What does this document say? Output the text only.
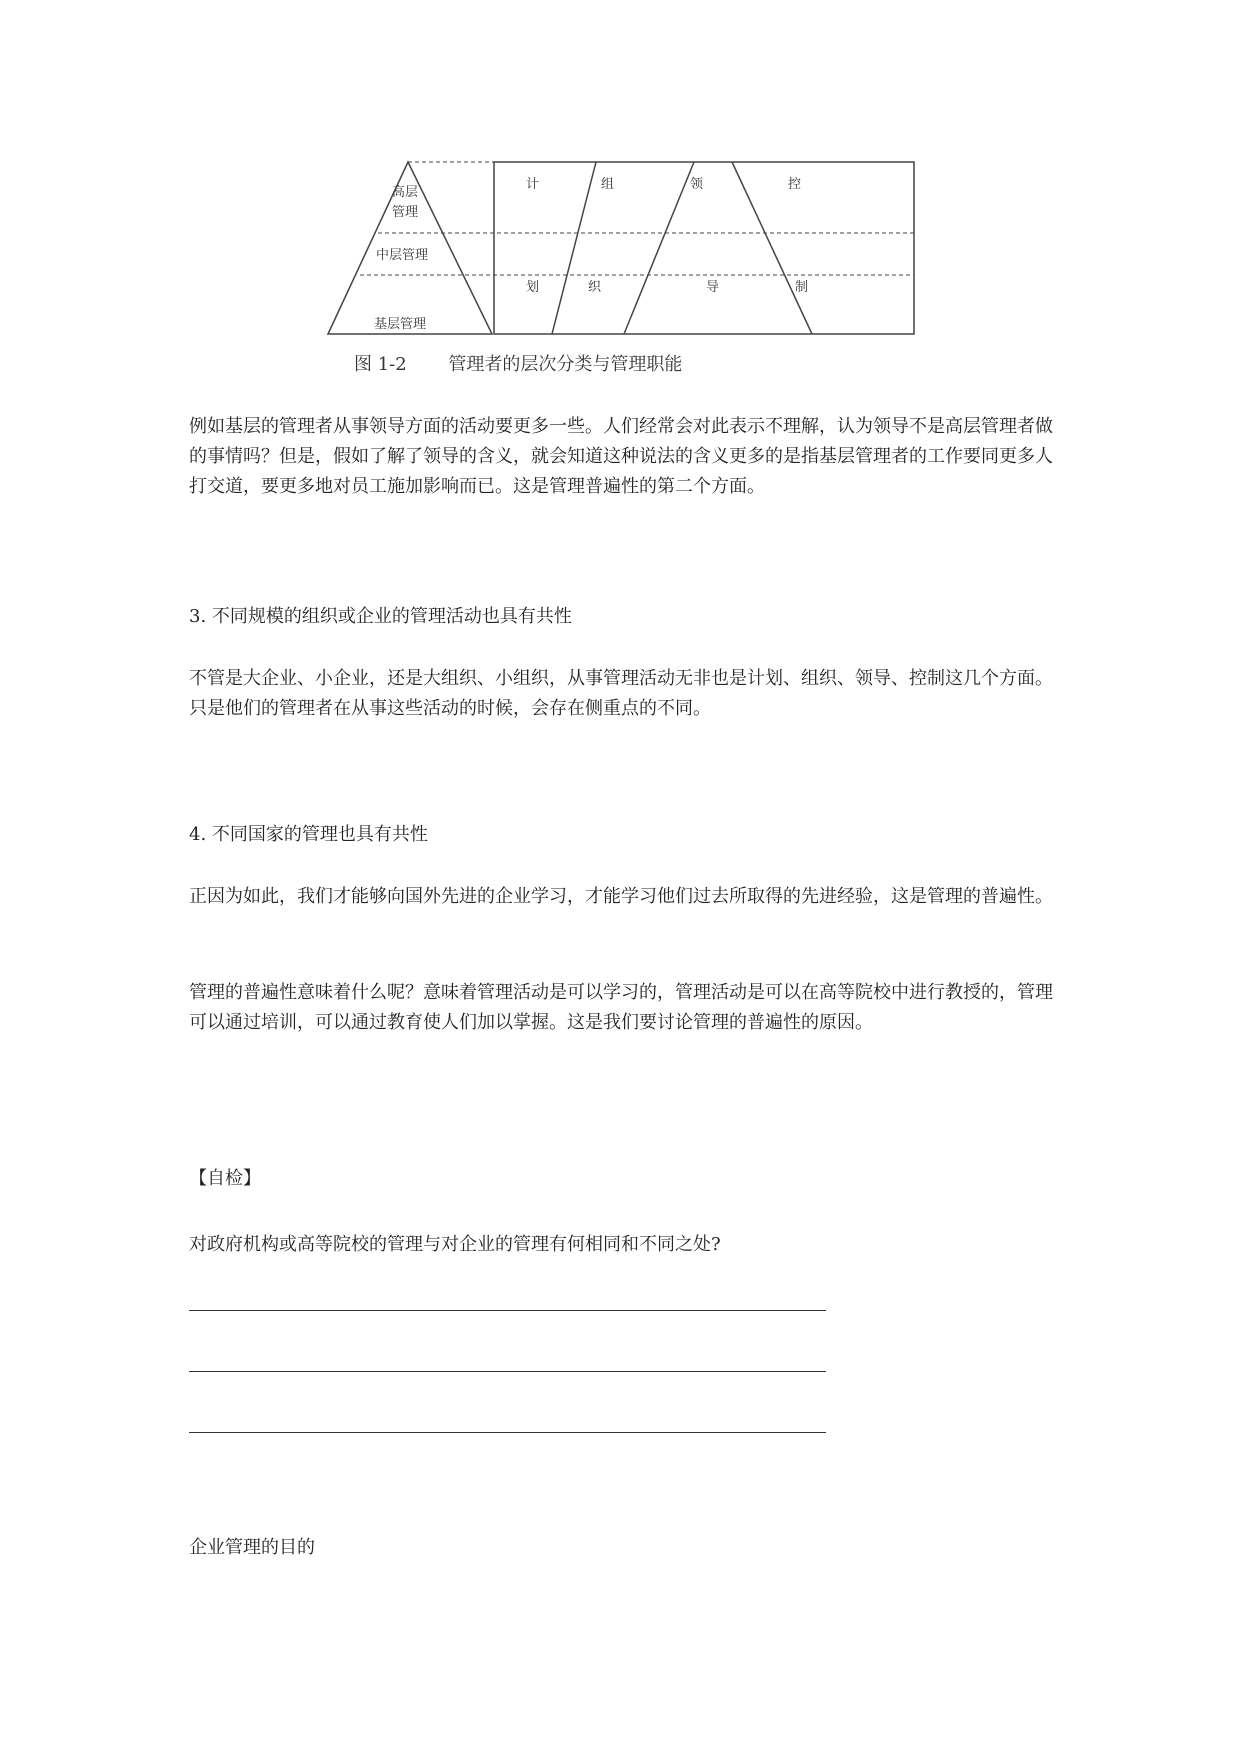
高层
管理
中层管理
基层管理
计	组	领	控
划	织	导	制
图 1-2　　 管理者的层次分类与管理职能

例如基层的管理者从事领导方面的活动要更多一些。人们经常会对此表示不理解，认为领导不是高层管理者做的事情吗？但是，假如了解了领导的含义，就会知道这种说法的含义更多的是指基层管理者的工作要同更多人打交道，要更多地对员工施加影响而已。这是管理普遍性的第二个方面。

3. 不同规模的组织或企业的管理活动也具有共性

不管是大企业、小企业，还是大组织、小组织，从事管理活动无非也是计划、组织、领导、控制这几个方面。只是他们的管理者在从事这些活动的时候，会存在侧重点的不同。

4. 不同国家的管理也具有共性

正因为如此，我们才能够向国外先进的企业学习，才能学习他们过去所取得的先进经验，这是管理的普遍性。

管理的普遍性意味着什么呢？意味着管理活动是可以学习的，管理活动是可以在高等院校中进行教授的，管理可以通过培训，可以通过教育使人们加以掌握。这是我们要讨论管理的普遍性的原因。

【自检】

对政府机构或高等院校的管理与对企业的管理有何相同和不同之处?

企业管理的目的
